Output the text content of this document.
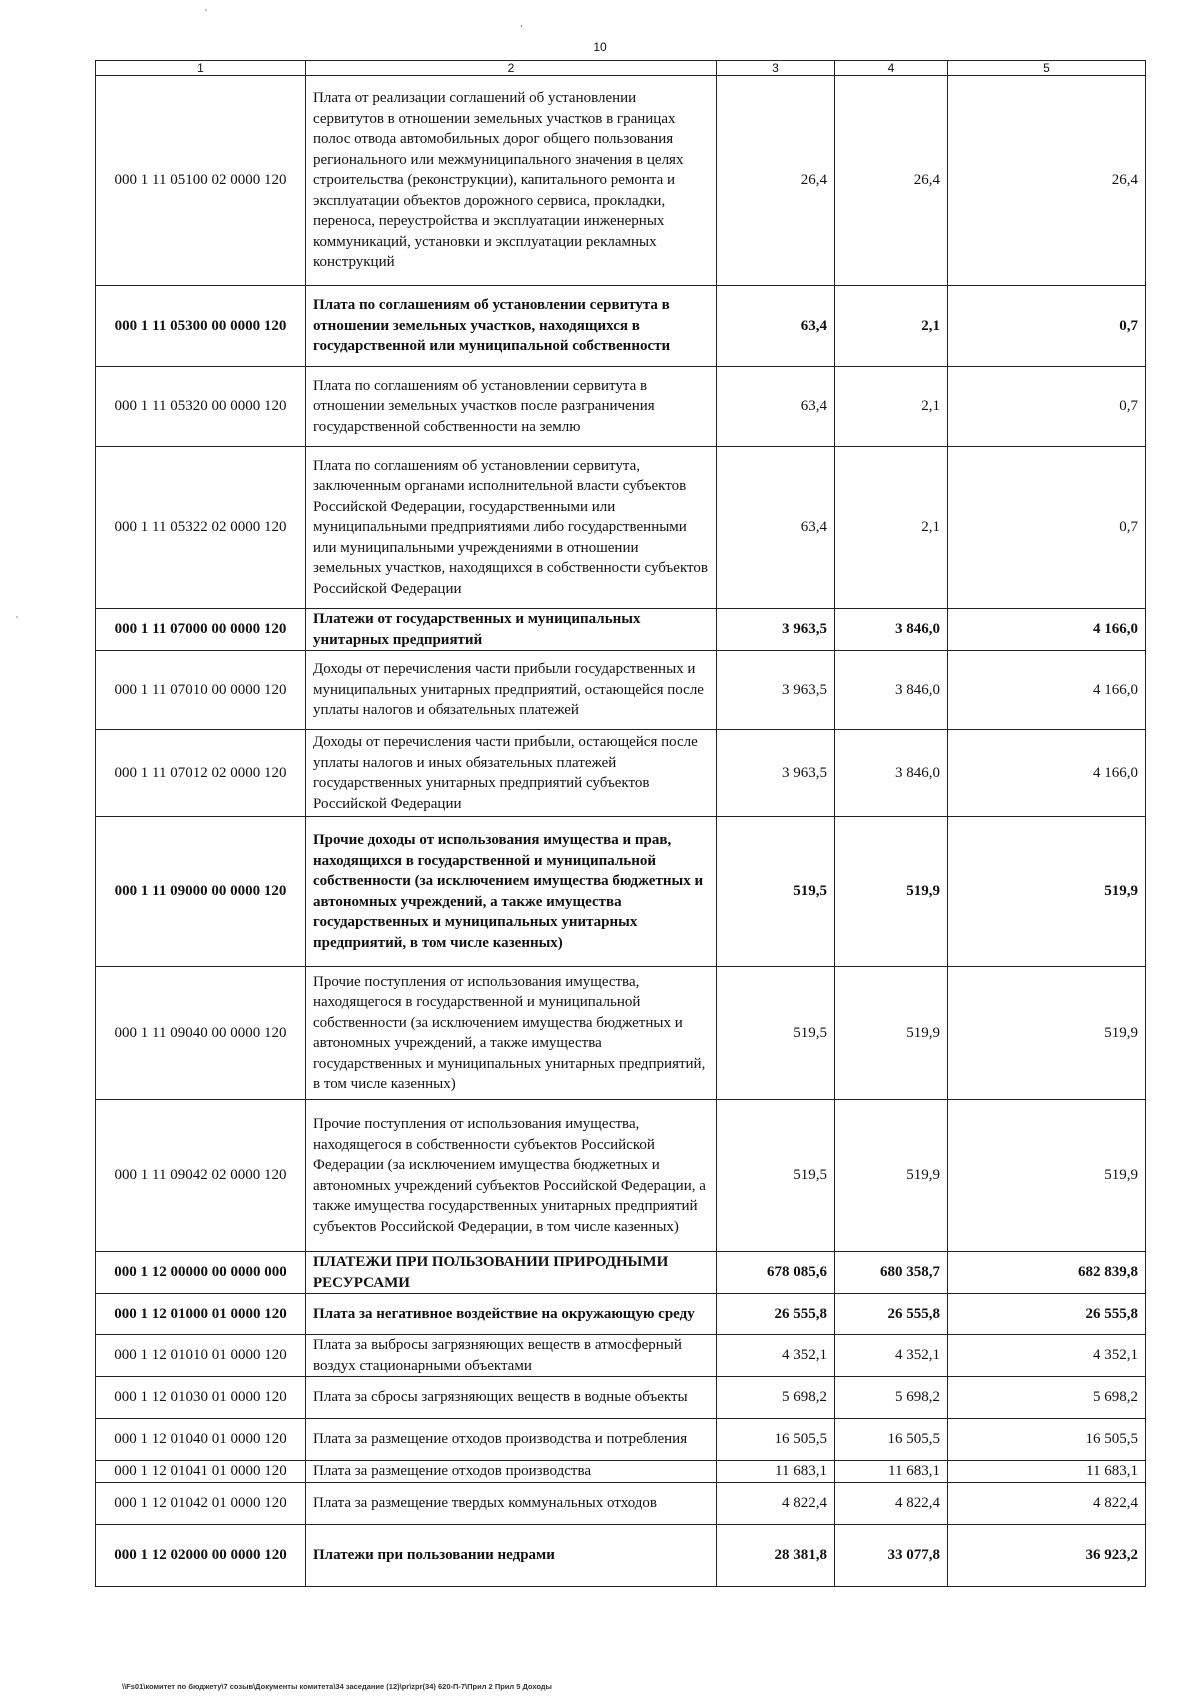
10
'
,
'
1	2	3	4	5
000 1 11 05100 02 0000 120	Плата от реализации соглашений об установлении сервитутов в отношении земельных участков в границах полос отвода автомобильных дорог общего пользования регионального или межмуниципального значения в целях строительства (реконструкции), капитального ремонта и эксплуатации объектов дорожного сервиса, прокладки, переноса, переустройства и эксплуатации инженерных коммуникаций, установки и эксплуатации рекламных конструкций	26,4	26,4	26,4
000 1 11 05300 00 0000 120	Плата по соглашениям об установлении сервитута в отношении земельных участков, находящихся в государственной или муниципальной собственности	63,4	2,1	0,7
000 1 11 05320 00 0000 120	Плата по соглашениям об установлении сервитута в отношении земельных участков после разграничения государственной собственности на землю	63,4	2,1	0,7
000 1 11 05322 02 0000 120	Плата по соглашениям об установлении сервитута, заключенным органами исполнительной власти субъектов Российской Федерации, государственными или муниципальными предприятиями либо государственными или муниципальными учреждениями в отношении земельных участков, находящихся в собственности субъектов Российской Федерации	63,4	2,1	0,7
000 1 11 07000 00 0000 120	Платежи от государственных и муниципальных унитарных предприятий	3 963,5	3 846,0	4 166,0
000 1 11 07010 00 0000 120	Доходы от перечисления части прибыли государственных и муниципальных унитарных предприятий, остающейся после уплаты налогов и обязательных платежей	3 963,5	3 846,0	4 166,0
000 1 11 07012 02 0000 120	Доходы от перечисления части прибыли, остающейся после уплаты налогов и иных обязательных платежей государственных унитарных предприятий субъектов Российской Федерации	3 963,5	3 846,0	4 166,0
000 1 11 09000 00 0000 120	Прочие доходы от использования имущества и прав, находящихся в государственной и муниципальной собственности (за исключением имущества бюджетных и автономных учреждений, а также имущества государственных и муниципальных унитарных предприятий, в том числе казенных)	519,5	519,9	519,9
000 1 11 09040 00 0000 120	Прочие поступления от использования имущества, находящегося в государственной и муниципальной собственности (за исключением имущества бюджетных и автономных учреждений, а также имущества государственных и муниципальных унитарных предприятий, в том числе казенных)	519,5	519,9	519,9
000 1 11 09042 02 0000 120	Прочие поступления от использования имущества, находящегося в собственности субъектов Российской Федерации (за исключением имущества бюджетных и автономных учреждений субъектов Российской Федерации, а также имущества государственных унитарных предприятий субъектов Российской Федерации, в том числе казенных)	519,5	519,9	519,9
000 1 12 00000 00 0000 000	ПЛАТЕЖИ ПРИ ПОЛЬЗОВАНИИ ПРИРОДНЫМИ РЕСУРСАМИ	678 085,6	680 358,7	682 839,8
000 1 12 01000 01 0000 120	Плата за негативное воздействие на окружающую среду	26 555,8	26 555,8	26 555,8
000 1 12 01010 01 0000 120	Плата за выбросы загрязняющих веществ в атмосферный воздух стационарными объектами	4 352,1	4 352,1	4 352,1
000 1 12 01030 01 0000 120	Плата за сбросы загрязняющих веществ в водные объекты	5 698,2	5 698,2	5 698,2
000 1 12 01040 01 0000 120	Плата за размещение отходов производства и потребления	16 505,5	16 505,5	16 505,5
000 1 12 01041 01 0000 120	Плата за размещение отходов производства	11 683,1	11 683,1	11 683,1
000 1 12 01042 01 0000 120	Плата за размещение твердых коммунальных отходов	4 822,4	4 822,4	4 822,4
000 1 12 02000 00 0000 120	Платежи при пользовании недрами	28 381,8	33 077,8	36 923,2
\\Fs01\комитет по бюджету\7 созыв\Документы комитета\34 заседание (12)\pr\zpr(34) 620-П-7\Прил 2 Прил 5 Доходы
